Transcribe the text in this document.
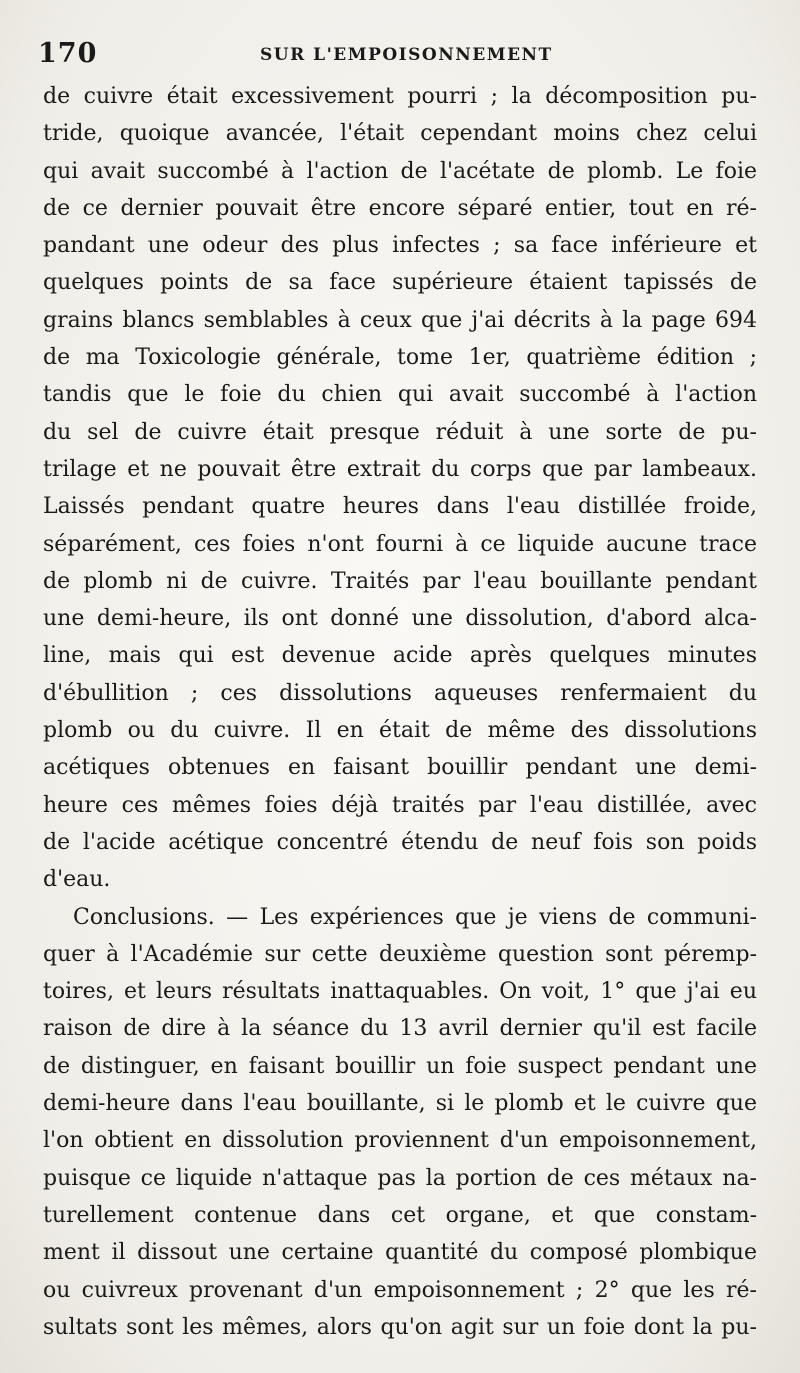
170	SUR L'EMPOISONNEMENT
de cuivre était excessivement pourri ; la décomposition pu-
tride, quoique avancée, l'était cependant moins chez celui
qui avait succombé à l'action de l'acétate de plomb. Le foie
de ce dernier pouvait être encore séparé entier, tout en ré-
pandant une odeur des plus infectes ; sa face inférieure et
quelques points de sa face supérieure étaient tapissés de
grains blancs semblables à ceux que j'ai décrits à la page 694
de ma Toxicologie générale, tome 1er, quatrième édition ;
tandis que le foie du chien qui avait succombé à l'action
du sel de cuivre était presque réduit à une sorte de pu-
trilage et ne pouvait être extrait du corps que par lambeaux.
Laissés pendant quatre heures dans l'eau distillée froide,
séparément, ces foies n'ont fourni à ce liquide aucune trace
de plomb ni de cuivre. Traités par l'eau bouillante pendant
une demi-heure, ils ont donné une dissolution, d'abord alca-
line, mais qui est devenue acide après quelques minutes
d'ébullition ; ces dissolutions aqueuses renfermaient du
plomb ou du cuivre. Il en était de même des dissolutions
acétiques obtenues en faisant bouillir pendant une demi-
heure ces mêmes foies déjà traités par l'eau distillée, avec
de l'acide acétique concentré étendu de neuf fois son poids
d'eau.
Conclusions. — Les expériences que je viens de communi-
quer à l'Académie sur cette deuxième question sont péremp-
toires, et leurs résultats inattaquables. On voit, 1° que j'ai eu
raison de dire à la séance du 13 avril dernier qu'il est facile
de distinguer, en faisant bouillir un foie suspect pendant une
demi-heure dans l'eau bouillante, si le plomb et le cuivre que
l'on obtient en dissolution proviennent d'un empoisonnement,
puisque ce liquide n'attaque pas la portion de ces métaux na-
turellement contenue dans cet organe, et que constam-
ment il dissout une certaine quantité du composé plombique
ou cuivreux provenant d'un empoisonnement ; 2° que les ré-
sultats sont les mêmes, alors qu'on agit sur un foie dont la pu-
